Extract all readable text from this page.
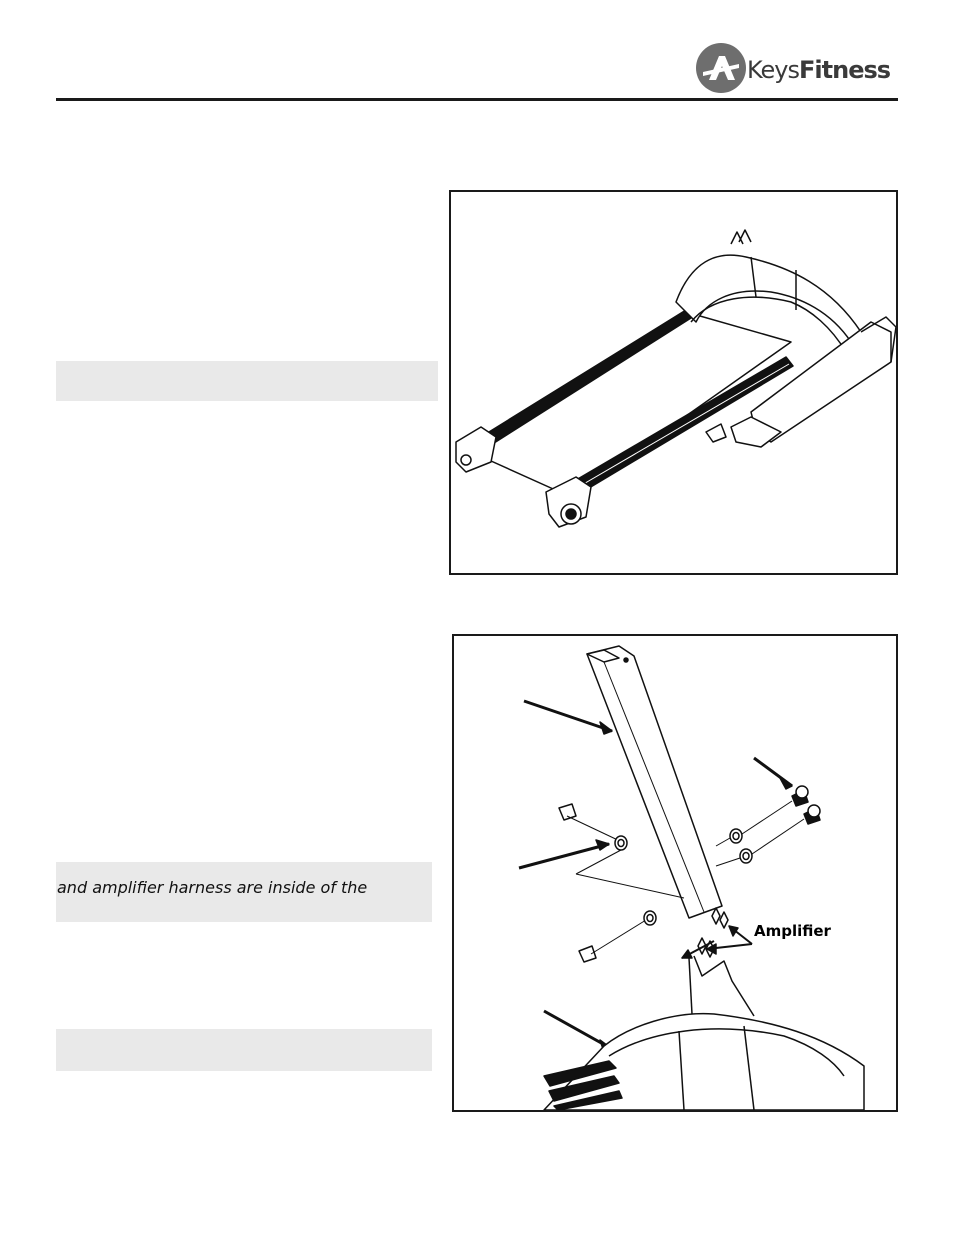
KeysFitness
and amplifier harness are inside of the
Amplifier
